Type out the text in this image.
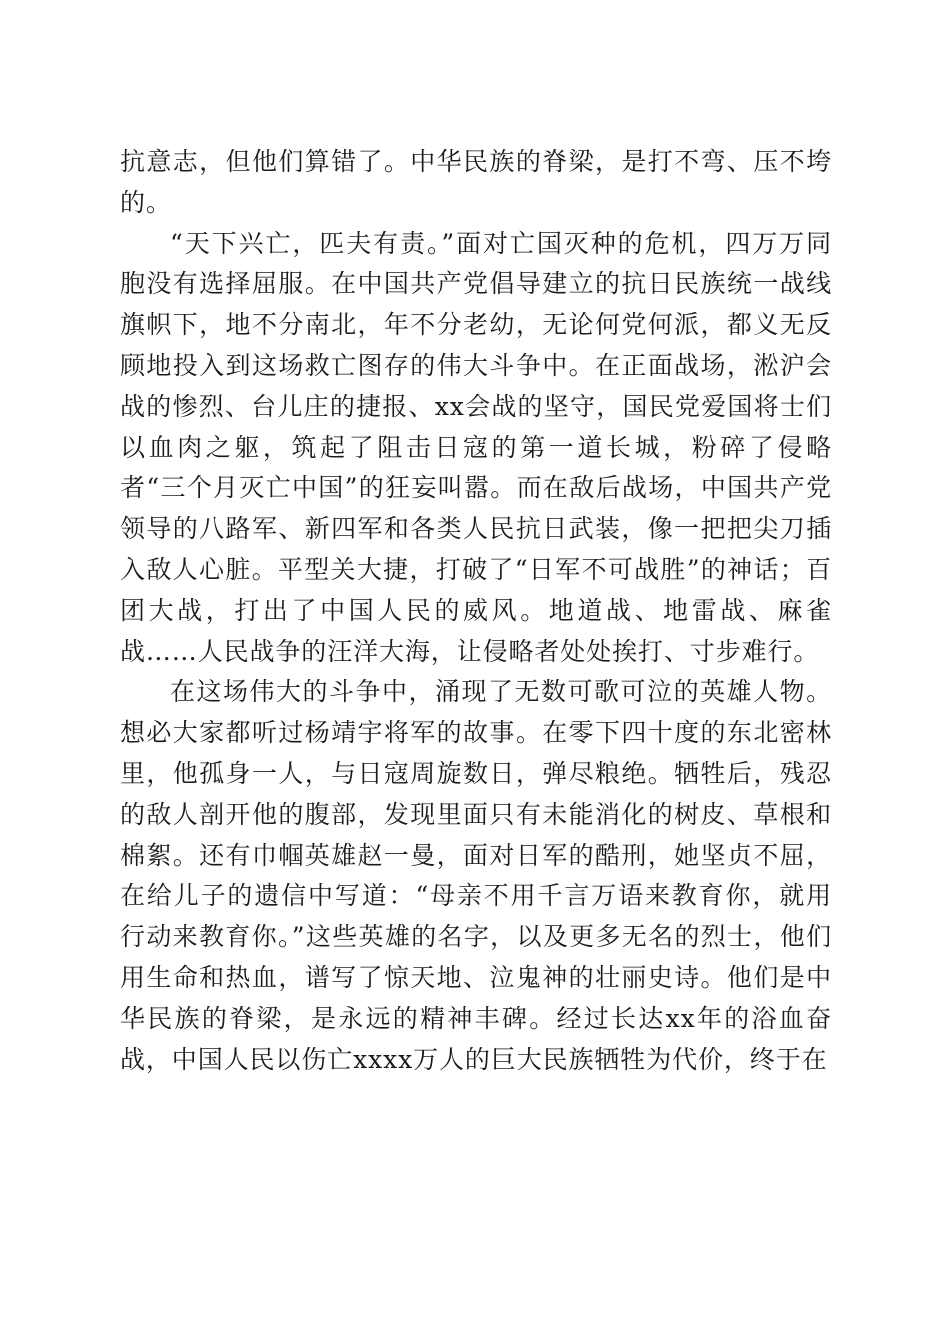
抗意志，但他们算错了。中华民族的脊梁，是打不弯、压不垮的。

“天下兴亡，匹夫有责。”面对亡国灭种的危机，四万万同胞没有选择屈服。在中国共产党倡导建立的抗日民族统一战线旗帜下，地不分南北，年不分老幼，无论何党何派，都义无反顾地投入到这场救亡图存的伟大斗争中。在正面战场，淞沪会战的惨烈、台儿庄的捷报、xx会战的坚守，国民党爱国将士们以血肉之躯，筑起了阻击日寇的第一道长城，粉碎了侵略者“三个月灭亡中国”的狂妄叫嚣。而在敌后战场，中国共产党领导的八路军、新四军和各类人民抗日武装，像一把把尖刀插入敌人心脏。平型关大捷，打破了“日军不可战胜”的神话；百团大战，打出了中国人民的威风。地道战、地雷战、麻雀战……人民战争的汪洋大海，让侵略者处处挨打、寸步难行。

在这场伟大的斗争中，涌现了无数可歌可泣的英雄人物。想必大家都听过杨靖宇将军的故事。在零下四十度的东北密林里，他孤身一人，与日寇周旋数日，弹尽粮绝。牺牲后，残忍的敌人剖开他的腹部，发现里面只有未能消化的树皮、草根和棉絮。还有巾帼英雄赵一曼，面对日军的酷刑，她坚贞不屈，在给儿子的遗信中写道：“母亲不用千言万语来教育你，就用行动来教育你。”这些英雄的名字，以及更多无名的烈士，他们用生命和热血，谱写了惊天地、泣鬼神的壮丽史诗。他们是中华民族的脊梁，是永远的精神丰碑。经过长达xx年的浴血奋战，中国人民以伤亡xxxx万人的巨大民族牺牲为代价，终于在
